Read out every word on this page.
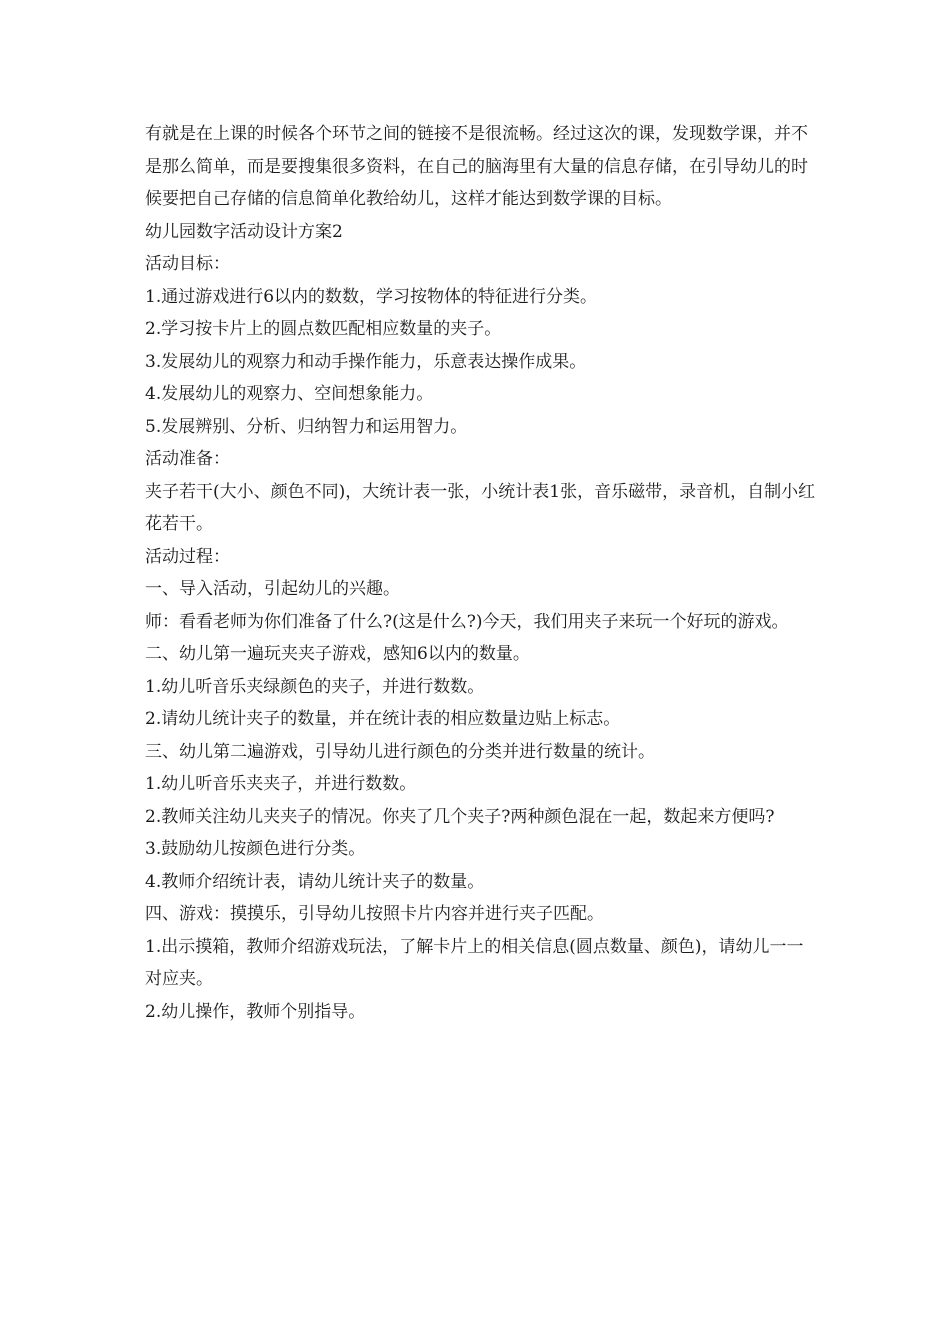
有就是在上课的时候各个环节之间的链接不是很流畅。经过这次的课，发现数学课，并不是那么简单，而是要搜集很多资料，在自己的脑海里有大量的信息存储，在引导幼儿的时候要把自己存储的信息简单化教给幼儿，这样才能达到数学课的目标。

幼儿园数字活动设计方案2

活动目标：

1.通过游戏进行6以内的数数，学习按物体的特征进行分类。

2.学习按卡片上的圆点数匹配相应数量的夹子。

3.发展幼儿的观察力和动手操作能力，乐意表达操作成果。

4.发展幼儿的观察力、空间想象能力。

5.发展辨别、分析、归纳智力和运用智力。

活动准备：

夹子若干(大小、颜色不同)，大统计表一张，小统计表1张，音乐磁带，录音机，自制小红花若干。

活动过程：

一、导入活动，引起幼儿的兴趣。

师：看看老师为你们准备了什么?(这是什么?)今天，我们用夹子来玩一个好玩的游戏。

二、幼儿第一遍玩夹夹子游戏，感知6以内的数量。

1.幼儿听音乐夹绿颜色的夹子，并进行数数。

2.请幼儿统计夹子的数量，并在统计表的相应数量边贴上标志。

三、幼儿第二遍游戏，引导幼儿进行颜色的分类并进行数量的统计。

1.幼儿听音乐夹夹子，并进行数数。

2.教师关注幼儿夹夹子的情况。你夹了几个夹子?两种颜色混在一起，数起来方便吗?

3.鼓励幼儿按颜色进行分类。

4.教师介绍统计表，请幼儿统计夹子的数量。

四、游戏：摸摸乐，引导幼儿按照卡片内容并进行夹子匹配。

1.出示摸箱，教师介绍游戏玩法，了解卡片上的相关信息(圆点数量、颜色)，请幼儿一一对应夹。

2.幼儿操作，教师个别指导。
